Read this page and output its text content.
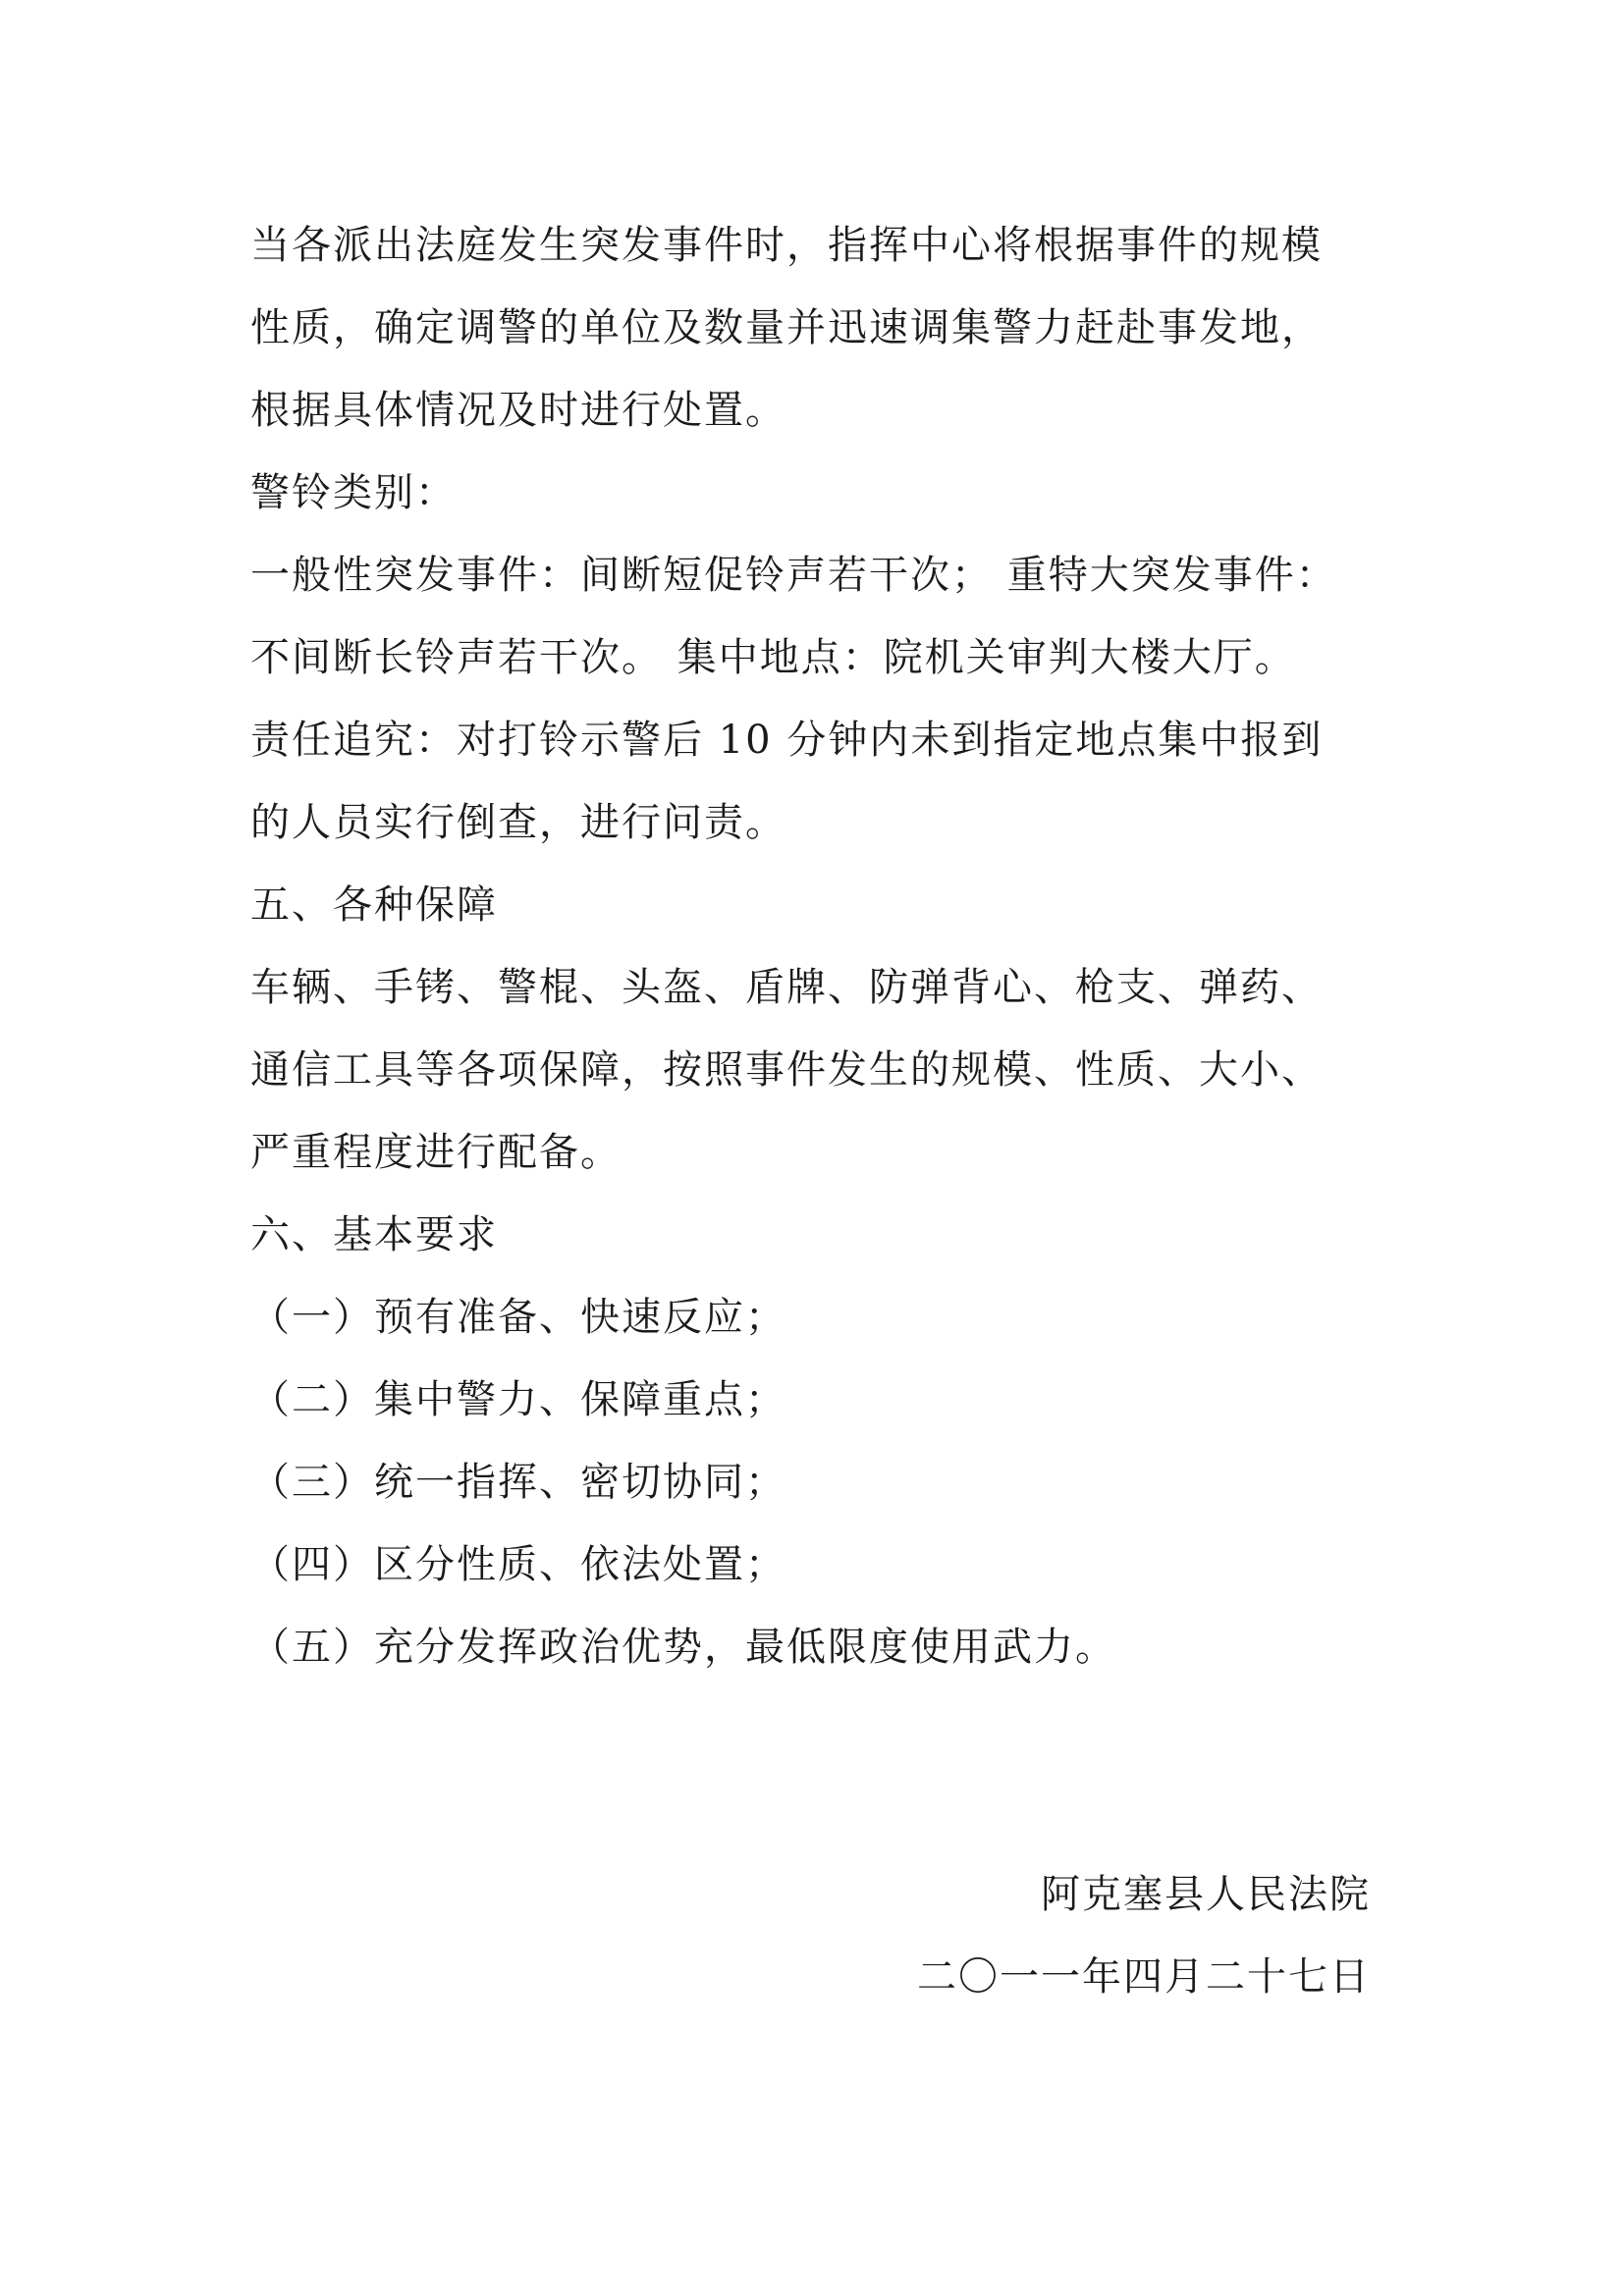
当各派出法庭发生突发事件时，指挥中心将根据事件的规模
性质，确定调警的单位及数量并迅速调集警力赶赴事发地，
根据具体情况及时进行处置。
警铃类别：
一般性突发事件：间断短促铃声若干次； 重特大突发事件：
不间断长铃声若干次。 集中地点：院机关审判大楼大厅。
责任追究：对打铃示警后 10 分钟内未到指定地点集中报到
的人员实行倒查，进行问责。
五、各种保障
车辆、手铐、警棍、头盔、盾牌、防弹背心、枪支、弹药、
通信工具等各项保障，按照事件发生的规模、性质、大小、
严重程度进行配备。
六、基本要求
（一）预有准备、快速反应；
（二）集中警力、保障重点；
（三）统一指挥、密切协同；
（四）区分性质、依法处置；
（五）充分发挥政治优势，最低限度使用武力。
阿克塞县人民法院
二〇一一年四月二十七日
